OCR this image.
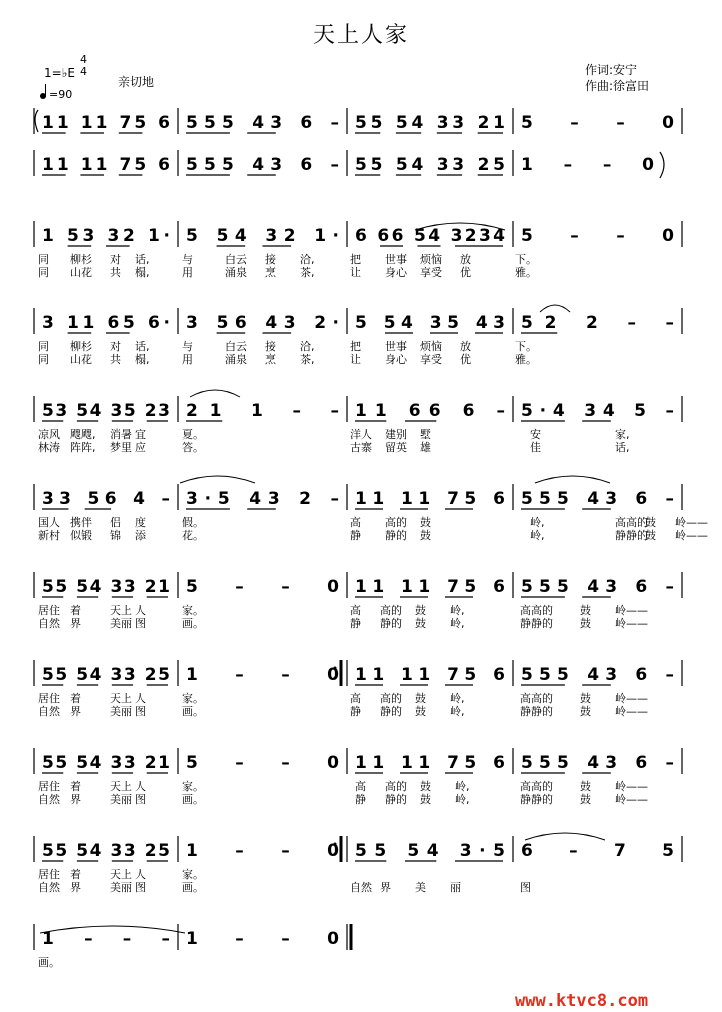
天上人家
1=♭E
4
4
亲切地
=90
作词:安宁
作曲:徐富田
11 11 75 6 555 43 6 – 55 54 33 21 5 – – 0
11 11 75 6 555 43 6 – 55 54 33 25 1 – – 0
1 53 32 1· 5 54 32 1· 6 66 54 3234 5 – – 0
同 柳杉 对 话,	与	白云 接 洽,	把 世事 烦恼 放	下。
同 山花 共 榻,	用	涌泉 烹 茶,	让 身心 享受 优	雅。
3 11 65 6· 3 56 43 2· 5 54 35 43 52 2 – –
同 柳杉 对 话,	与	白云 接 洽,	把 世事 烦恼 放	下。
同 山花 共 榻,	用	涌泉 烹 茶,	让 身心 享受 优	雅。
53 54 35 23 21 1 – – 11 66 6 – 5·4 34 5 –
凉风 飕飕, 消暑 宜	夏。	洋人 建别 墅	安	家,
林涛 阵阵, 梦里 应	答。	古寨 留英 雄	佳	话,
33 56 4 – 3·5 43 2 – 11 11 75 6 555 43 6 –
国人 携伴 侣 度	假。	高 高的 鼓	岭,	高高的
鼓 岭——
新村 似锻 锦 添	花。	静 静的 鼓	岭,	静静的
鼓 岭——
55 54 33 21 5 – – 0 11 11 75 6 555 43 6 –
居住 着	天上 人	家。	高 高的 鼓 岭,	高高的 鼓 岭——
自然 界	美丽 图	画。	静 静的 鼓 岭,	静静的 鼓 岭——
55 54 33 25 1 – – 0 11 11 75 6 555 43 6 –
居住 着	天上 人	家。	高 高的 鼓 岭,	高高的 鼓 岭——
自然 界	美丽 图	画。	静 静的 鼓 岭,	静静的 鼓 岭——
55 54 33 21 5 – – 0 11 11 75 6 555 43 6 –
居住 着	天上 人	家。	高 高的 鼓 岭,	高高的 鼓 岭——
自然 界	美丽 图	画。	静 静的 鼓 岭,	静静的 鼓 岭——
55 54 33 25 1 – – 0 55 54 3·5 6 – 7 5
居住 着	天上 人	家。
自然 界	美丽 图	画。	自然 界 美 丽	图
1 – – – 1 – – 0
画。
www.ktvc8.com
